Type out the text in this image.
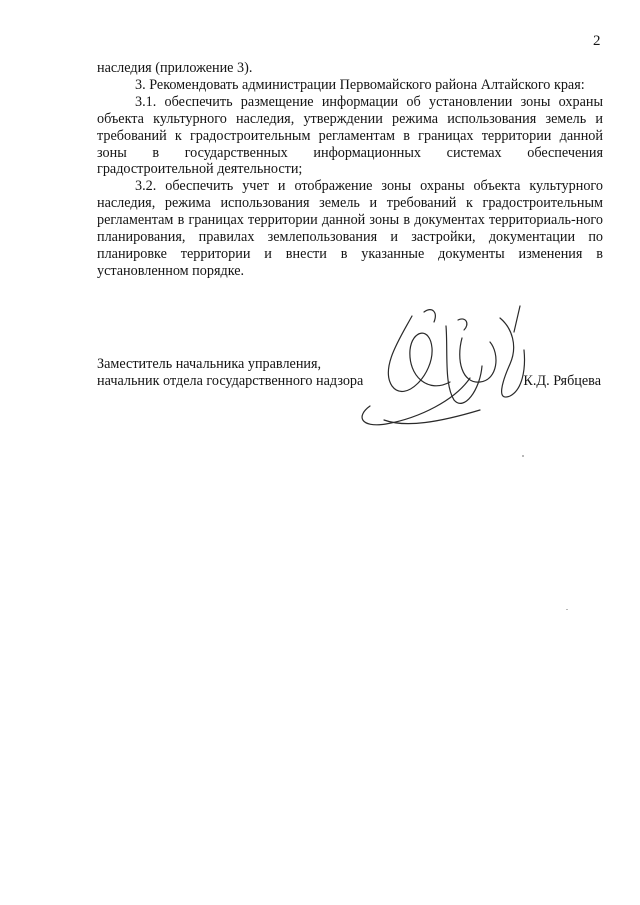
2

наследия (приложение 3).

3. Рекомендовать администрации Первомайского района Алтайского края:

3.1. обеспечить размещение информации об установлении зоны охраны объекта культурного наследия, утверждении режима использования земель и требований к градостроительным регламентам в границах территории данной зоны в государственных информационных системах обеспечения градостроительной деятельности;

3.2. обеспечить учет и отображение зоны охраны объекта культурного наследия, режима использования земель и требований к градостроительным регламентам в границах территории данной зоны в документах территориаль-ного планирования, правилах землепользования и застройки, документации по планировке территории и внести в указанные документы изменения в установленном порядке.

Заместитель начальника управления,
начальник отдела государственного надзора	К.Д. Рябцева
